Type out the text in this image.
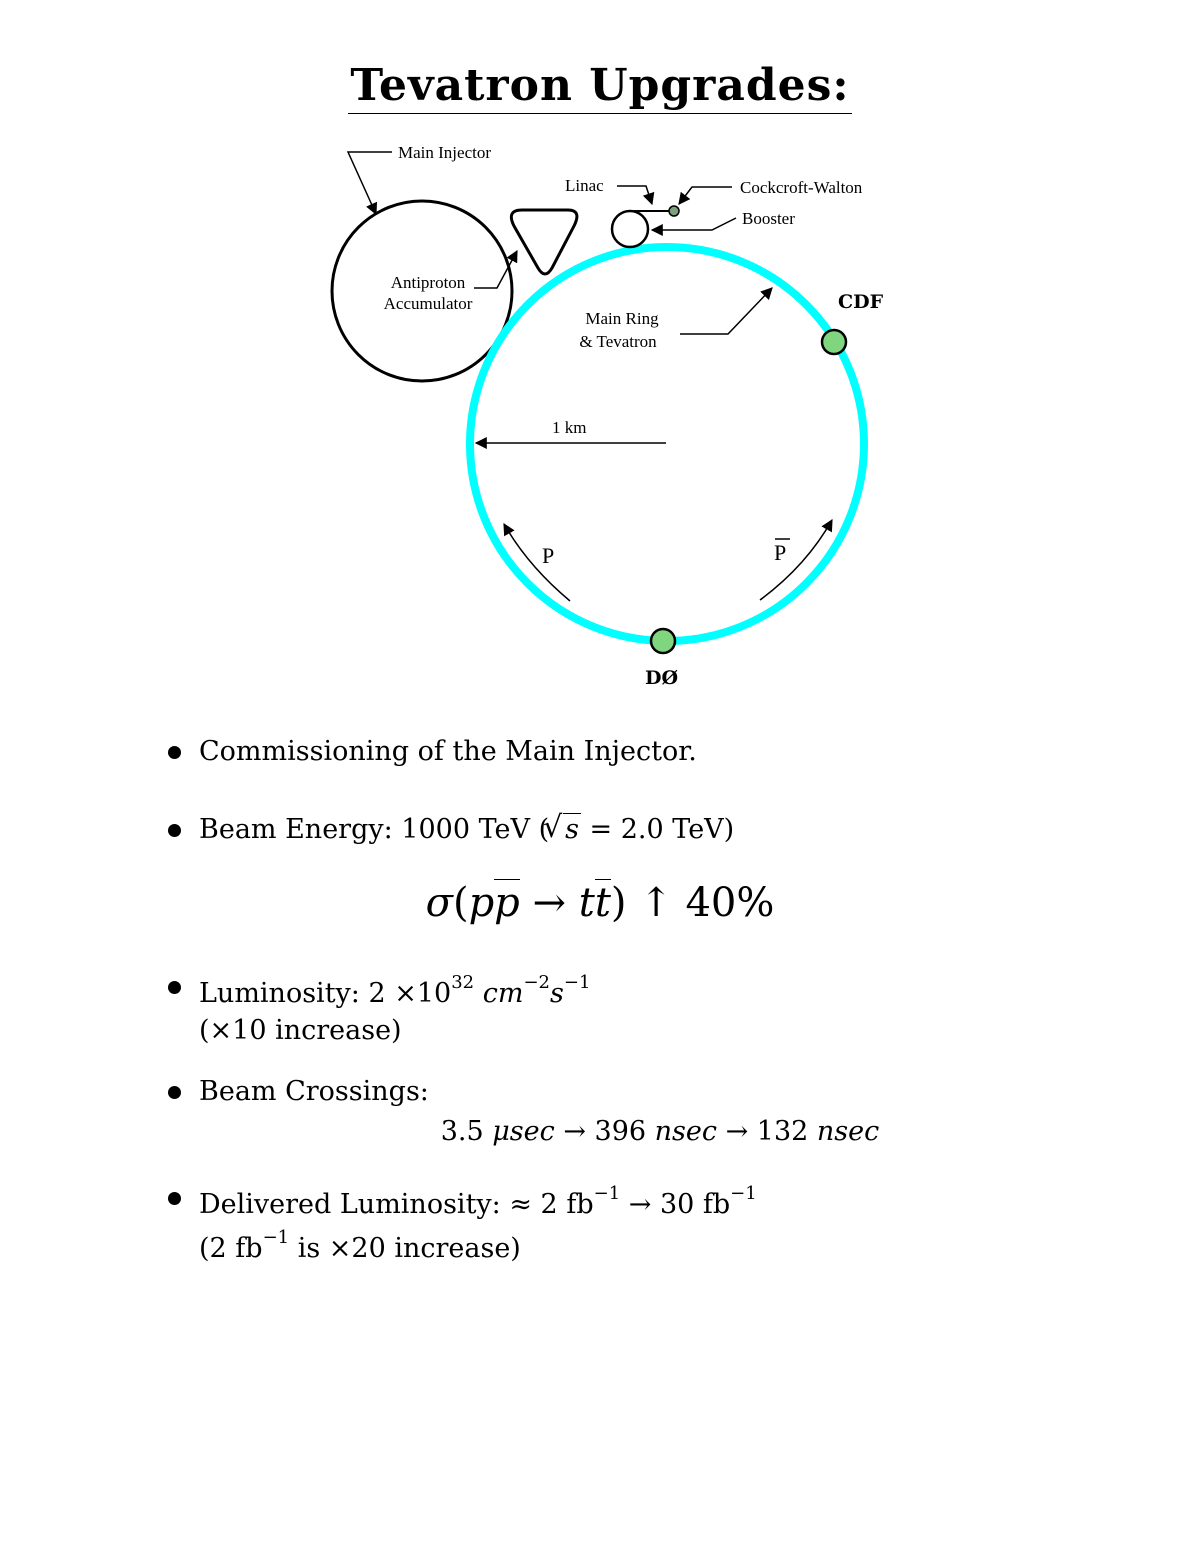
Tevatron Upgrades:
Main Injector
Linac	Cockcroft-Walton
Booster
Antiproton
Accumulator
Main Ring
& Tevatron
CDF
DØ
1 km
P	P
Commissioning of the Main Injector.
Beam Energy: 1000 TeV (√ s = 2.0 TeV)
σ(pp → tt) ↑ 40%
Luminosity: $2 \times 10^{32}$ $cm^{-2}s^{-1}$
(×10 increase)
Beam Crossings:
3.5 μsec → 396 nsec → 132 nsec
Delivered Luminosity: ≈ 2 $fb^{-1} \to 30$ $fb^{-1}$
(2 $fb^{-1}$ is ×20 increase)
